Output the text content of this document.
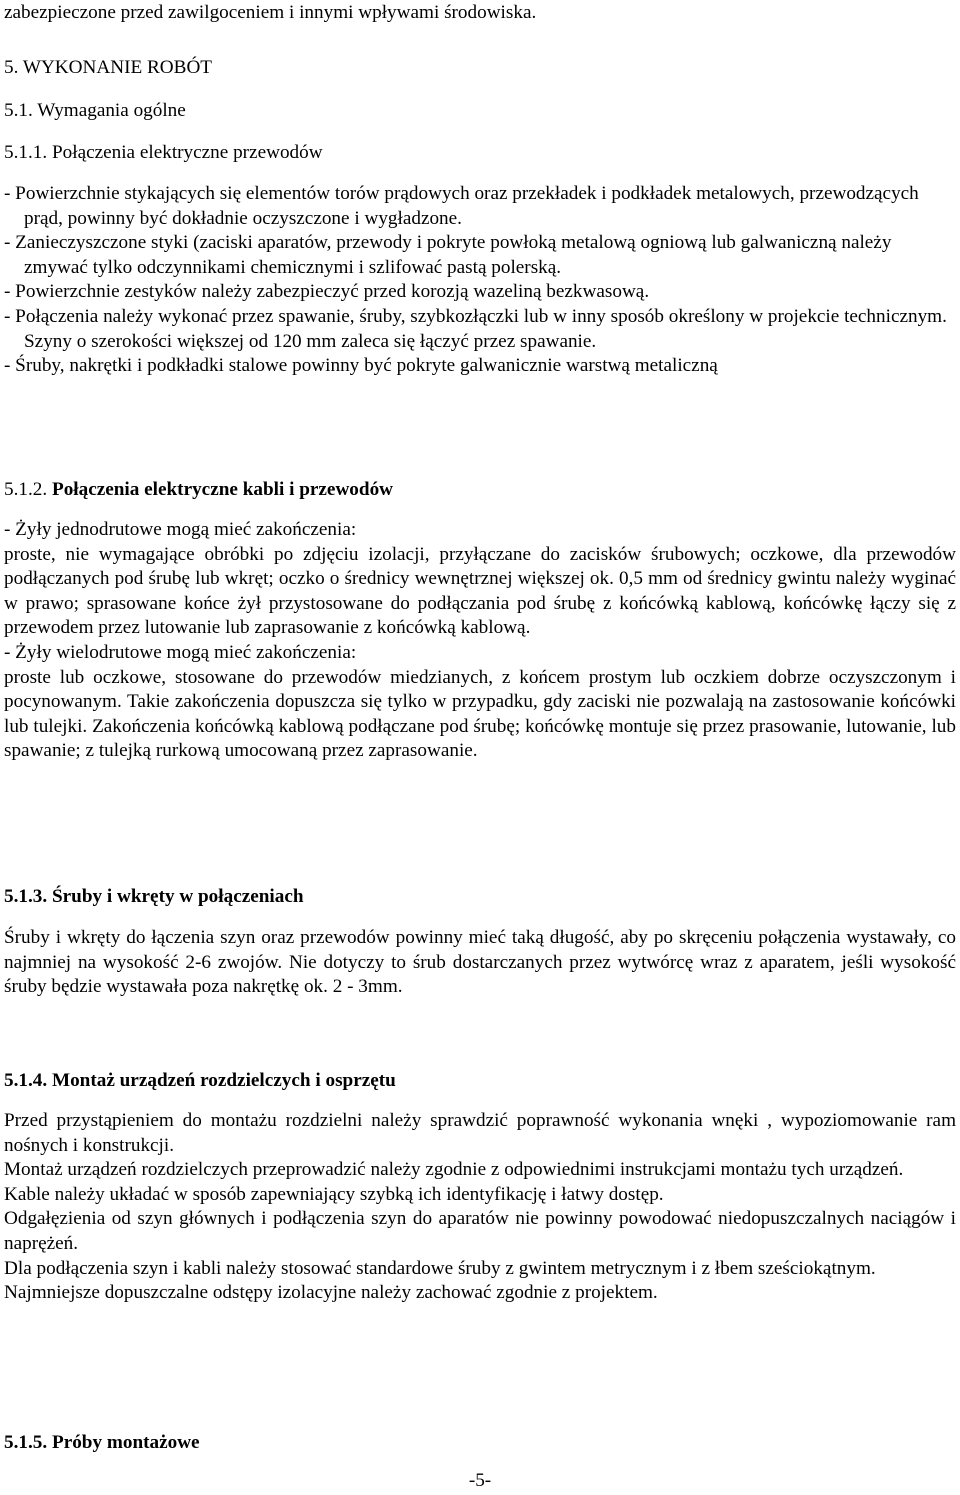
zabezpieczone przed zawilgoceniem i innymi wpływami środowiska.

5. WYKONANIE ROBÓT

5.1. Wymagania ogólne

5.1.1. Połączenia elektryczne przewodów

- Powierzchnie stykających się elementów torów prądowych oraz przekładek i podkładek metalowych, przewodzących prąd, powinny być dokładnie oczyszczone i wygładzone.

- Zanieczyszczone styki (zaciski aparatów, przewody i pokryte powłoką metalową ogniową lub galwaniczną należy zmywać tylko odczynnikami chemicznymi i szlifować pastą polerską.

- Powierzchnie zestyków należy zabezpieczyć przed korozją wazeliną bezkwasową.

- Połączenia należy wykonać przez spawanie, śruby, szybkozłączki lub w inny sposób określony w projekcie technicznym. Szyny o szerokości większej od 120 mm zaleca się łączyć przez spawanie.

- Śruby, nakrętki i podkładki stalowe powinny być pokryte galwanicznie warstwą metaliczną

5.1.2. Połączenia elektryczne kabli i przewodów

- Żyły jednodrutowe mogą mieć zakończenia:

proste, nie wymagające obróbki po zdjęciu izolacji, przyłączane do zacisków śrubowych; oczkowe, dla przewodów podłączanych pod śrubę lub wkręt; oczko o średnicy wewnętrznej większej ok. 0,5 mm od średnicy gwintu należy wyginać w prawo; sprasowane końce żył przystosowane do podłączania pod śrubę z końcówką kablową, końcówkę łączy się z przewodem przez lutowanie lub zaprasowanie z końcówką kablową.

- Żyły wielodrutowe mogą mieć zakończenia:

proste lub oczkowe, stosowane do przewodów miedzianych, z końcem prostym lub oczkiem dobrze oczyszczonym i pocynowanym. Takie zakończenia dopuszcza się tylko w przypadku, gdy zaciski nie pozwalają na zastosowanie końcówki lub tulejki. Zakończenia końcówką kablową podłączane pod śrubę; końcówkę montuje się przez prasowanie, lutowanie, lub spawanie; z tulejką rurkową umocowaną przez zaprasowanie.

5.1.3. Śruby i wkręty w połączeniach

Śruby i wkręty do łączenia szyn oraz przewodów powinny mieć taką długość, aby po skręceniu połączenia wystawały, co najmniej na wysokość 2-6 zwojów. Nie dotyczy to śrub dostarczanych przez wytwórcę wraz z aparatem, jeśli wysokość śruby będzie wystawała poza nakrętkę ok. 2 - 3mm.

5.1.4. Montaż urządzeń rozdzielczych i osprzętu

Przed przystąpieniem do montażu rozdzielni należy sprawdzić poprawność wykonania wnęki , wypoziomowanie ram nośnych i konstrukcji.

Montaż urządzeń rozdzielczych przeprowadzić należy zgodnie z odpowiednimi instrukcjami montażu tych urządzeń.

Kable należy układać w sposób zapewniający szybką ich identyfikację i łatwy dostęp.

Odgałęzienia od szyn głównych i podłączenia szyn do aparatów nie powinny powodować niedopuszczalnych naciągów i naprężeń.

Dla podłączenia szyn i kabli należy stosować standardowe śruby z gwintem metrycznym i z łbem sześciokątnym.

Najmniejsze dopuszczalne odstępy izolacyjne należy zachować zgodnie z projektem.

5.1.5. Próby montażowe

-5-
